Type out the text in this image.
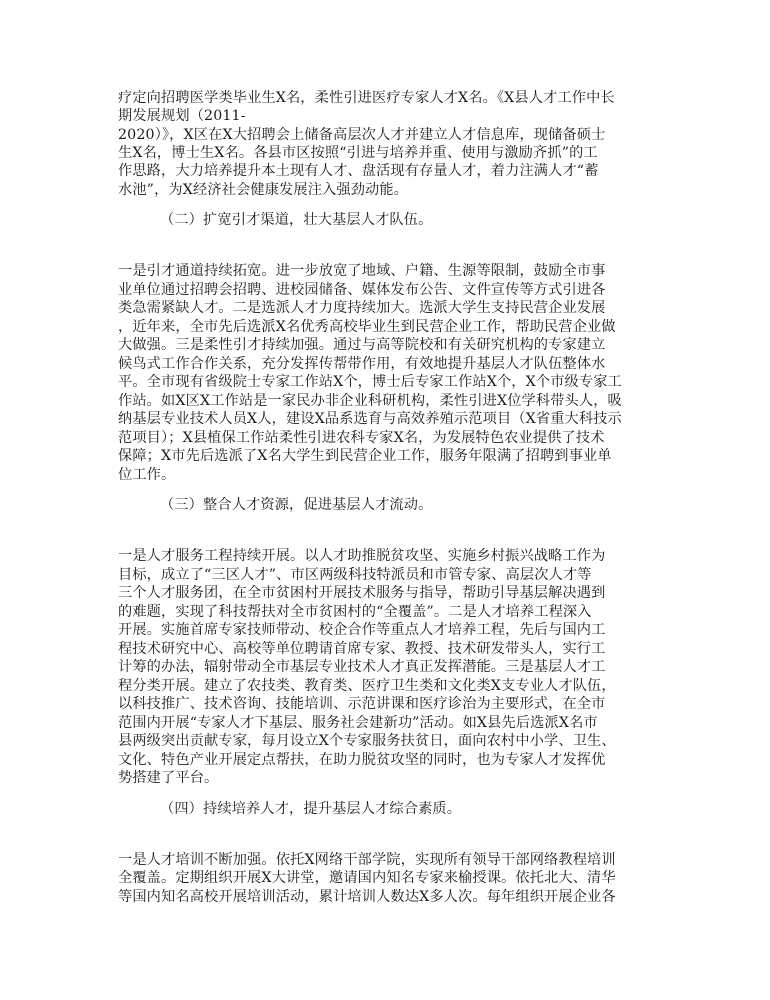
疗定向招聘医学类毕业生X名，柔性引进医疗专家人才X名。《X县人才工作中长
期发展规划（2011-
2020）》，X区在X大招聘会上储备高层次人才并建立人才信息库，现储备硕士
生X名，博士生X名。各县市区按照“引进与培养并重、使用与激励齐抓”的工
作思路，大力培养提升本土现有人才、盘活现有存量人才，着力注满人才“蓄
水池”，为X经济社会健康发展注入强劲动能。
（二）扩宽引才渠道，壮大基层人才队伍。
一是引才通道持续拓宽。进一步放宽了地域、户籍、生源等限制，鼓励全市事
业单位通过招聘会招聘、进校园储备、媒体发布公告、文件宣传等方式引进各
类急需紧缺人才。二是选派人才力度持续加大。选派大学生支持民营企业发展
，近年来，全市先后选派X名优秀高校毕业生到民营企业工作，帮助民营企业做
大做强。三是柔性引才持续加强。通过与高等院校和有关研究机构的专家建立
候鸟式工作合作关系，充分发挥传帮带作用，有效地提升基层人才队伍整体水
平。全市现有省级院士专家工作站X个，博士后专家工作站X个，X个市级专家工
作站。如X区X工作站是一家民办非企业科研机构，柔性引进X位学科带头人，吸
纳基层专业技术人员X人，建设X品系选育与高效养殖示范项目（X省重大科技示
范项目）；X县植保工作站柔性引进农科专家X名，为发展特色农业提供了技术
保障；X市先后选派了X名大学生到民营企业工作，服务年限满了招聘到事业单
位工作。
（三）整合人才资源，促进基层人才流动。
一是人才服务工程持续开展。以人才助推脱贫攻坚、实施乡村振兴战略工作为
目标，成立了“三区人才”、市区两级科技特派员和市管专家、高层次人才等
三个人才服务团，在全市贫困村开展技术服务与指导，帮助引导基层解决遇到
的难题，实现了科技帮扶对全市贫困村的“全覆盖”。二是人才培养工程深入
开展。实施首席专家技师带动、校企合作等重点人才培养工程，先后与国内工
程技术研究中心、高校等单位聘请首席专家、教授、技术研发带头人，实行工
计筹的办法，辐射带动全市基层专业技术人才真正发挥潜能。三是基层人才工
程分类开展。建立了农技类、教育类、医疗卫生类和文化类X支专业人才队伍，
以科技推广、技术咨询、技能培训、示范讲课和医疗诊治为主要形式，在全市
范围内开展“专家人才下基层、服务社会建新功”活动。如X县先后选派X名市
县两级突出贡献专家，每月设立X个专家服务扶贫日，面向农村中小学、卫生、
文化、特色产业开展定点帮扶，在助力脱贫攻坚的同时，也为专家人才发挥优
势搭建了平台。
（四）持续培养人才，提升基层人才综合素质。
一是人才培训不断加强。依托X网络干部学院，实现所有领导干部网络教程培训
全覆盖。定期组织开展X大讲堂，邀请国内知名专家来榆授课。依托北大、清华
等国内知名高校开展培训活动，累计培训人数达X多人次。每年组织开展企业各
